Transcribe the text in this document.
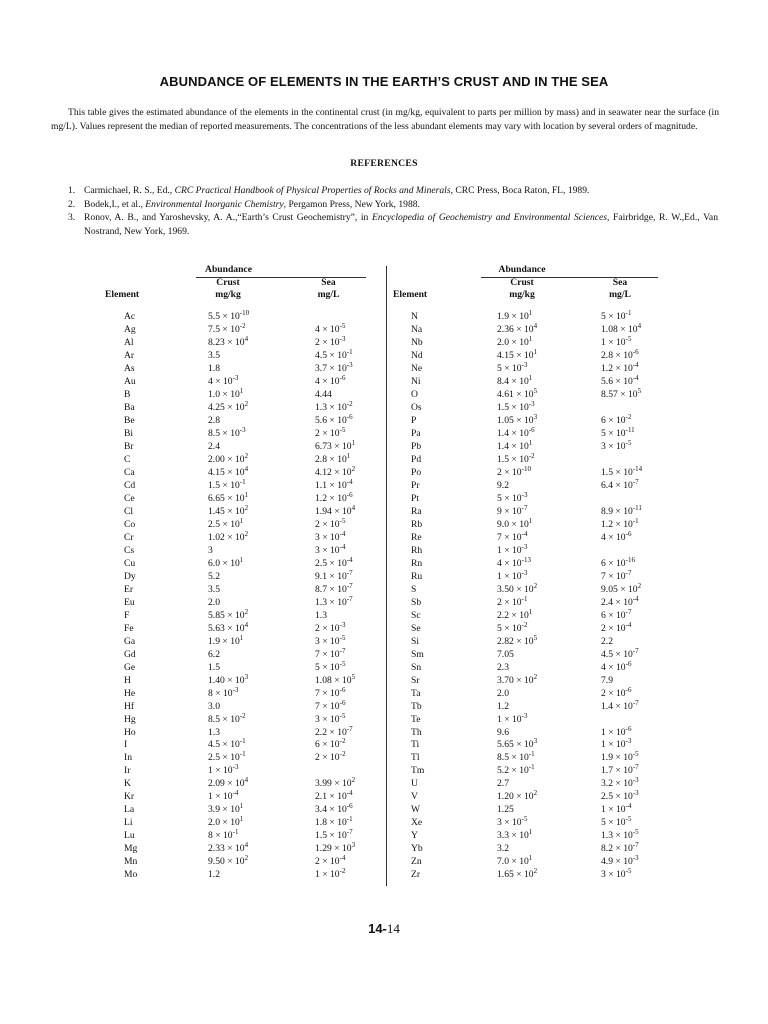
ABUNDANCE OF ELEMENTS IN THE EARTH’S CRUST AND IN THE SEA
This table gives the estimated abundance of the elements in the continental crust (in mg/kg, equivalent to parts per million by mass) and in seawater near the surface (in mg/L). Values represent the median of reported measurements. The concentrations of the less abundant elements may vary with location by several orders of magnitude.
REFERENCES
1. Carmichael, R. S., Ed., CRC Practical Handbook of Physical Properties of Rocks and Minerals, CRC Press, Boca Raton, FL, 1989.
2. Bodek,I., et al., Environmental Inorganic Chemistry, Pergamon Press, New York, 1988.
3. Ronov, A. B., and Yaroshevsky, A. A.,“Earth’s Crust Geochemistry”, in Encyclopedia of Geochemistry and Environmental Sciences, Fairbridge, R. W.,Ed., Van Nostrand, New York, 1969.
Abundance
Crust
mg/kg
Sea
mg/L
Element
Ac	$5.5 \times 10^{-10}$
Ag	$7.5 \times 10^{-2}$	$4 \times 10^{-5}$
Al	$8.23 \times 10^4$	$2 \times 10^{-3}$
Ar	3.5	$4.5 \times 10^{-1}$
As	1.8	$3.7 \times 10^{-3}$
Au	$4 \times 10^{-3}$	$4 \times 10^{-6}$
B	$1.0 \times 10^1$	4.44
Ba	$4.25 \times 10^2$	$1.3 \times 10^{-2}$
Be	2.8	$5.6 \times 10^{-6}$
Bi	$8.5 \times 10^{-3}$	$2 \times 10^{-5}$
Br	2.4	$6.73 \times 10^1$
C	$2.00 \times 10^2$	$2.8 \times 10^1$
Ca	$4.15 \times 10^4$	$4.12 \times 10^2$
Cd	$1.5 \times 10^{-1}$	$1.1 \times 10^{-4}$
Ce	$6.65 \times 10^1$	$1.2 \times 10^{-6}$
Cl	$1.45 \times 10^2$	$1.94 \times 10^4$
Co	$2.5 \times 10^1$	$2 \times 10^{-5}$
Cr	$1.02 \times 10^2$	$3 \times 10^{-4}$
Cs	3	$3 \times 10^{-4}$
Cu	$6.0 \times 10^1$	$2.5 \times 10^{-4}$
Dy	5.2	$9.1 \times 10^{-7}$
Er	3.5	$8.7 \times 10^{-7}$
Eu	2.0	$1.3 \times 10^{-7}$
F	$5.85 \times 10^2$	1.3
Fe	$5.63 \times 10^4$	$2 \times 10^{-3}$
Ga	$1.9 \times 10^1$	$3 \times 10^{-5}$
Gd	6.2	$7 \times 10^{-7}$
Ge	1.5	$5 \times 10^{-5}$
H	$1.40 \times 10^3$	$1.08 \times 10^5$
He	$8 \times 10^{-3}$	$7 \times 10^{-6}$
Hf	3.0	$7 \times 10^{-6}$
Hg	$8.5 \times 10^{-2}$	$3 \times 10^{-5}$
Ho	1.3	$2.2 \times 10^{-7}$
I	$4.5 \times 10^{-1}$	$6 \times 10^{-2}$
In	$2.5 \times 10^{-1}$	$2 \times 10^{-2}$
Ir	$1 \times 10^{-3}$
K	$2.09 \times 10^4$	$3.99 \times 10^2$
Kr	$1 \times 10^{-4}$	$2.1 \times 10^{-4}$
La	$3.9 \times 10^1$	$3.4 \times 10^{-6}$
Li	$2.0 \times 10^1$	$1.8 \times 10^{-1}$
Lu	$8 \times 10^{-1}$	$1.5 \times 10^{-7}$
Mg	$2.33 \times 10^4$	$1.29 \times 10^3$
Mn	$9.50 \times 10^2$	$2 \times 10^{-4}$
Mo	1.2	$1 \times 10^{-2}$
Abundance
Crust
mg/kg
Sea
mg/L
Element
N	$1.9 \times 10^1$	$5 \times 10^{-1}$
Na	$2.36 \times 10^4$	$1.08 \times 10^4$
Nb	$2.0 \times 10^1$	$1 \times 10^{-5}$
Nd	$4.15 \times 10^1$	$2.8 \times 10^{-6}$
Ne	$5 \times 10^{-3}$	$1.2 \times 10^{-4}$
Ni	$8.4 \times 10^1$	$5.6 \times 10^{-4}$
O	$4.61 \times 10^5$	$8.57 \times 10^5$
Os	$1.5 \times 10^{-3}$
P	$1.05 \times 10^3$	$6 \times 10^{-2}$
Pa	$1.4 \times 10^{-6}$	$5 \times 10^{-11}$
Pb	$1.4 \times 10^1$	$3 \times 10^{-5}$
Pd	$1.5 \times 10^{-2}$
Po	$2 \times 10^{-10}$	$1.5 \times 10^{-14}$
Pr	9.2	$6.4 \times 10^{-7}$
Pt	$5 \times 10^{-3}$
Ra	$9 \times 10^{-7}$	$8.9 \times 10^{-11}$
Rb	$9.0 \times 10^1$	$1.2 \times 10^{-1}$
Re	$7 \times 10^{-4}$	$4 \times 10^{-6}$
Rh	$1 \times 10^{-3}$
Rn	$4 \times 10^{-13}$	$6 \times 10^{-16}$
Ru	$1 \times 10^{-3}$	$7 \times 10^{-7}$
S	$3.50 \times 10^2$	$9.05 \times 10^2$
Sb	$2 \times 10^{-1}$	$2.4 \times 10^{-4}$
Sc	$2.2 \times 10^1$	$6 \times 10^{-7}$
Se	$5 \times 10^{-2}$	$2 \times 10^{-4}$
Si	$2.82 \times 10^5$	2.2
Sm	7.05	$4.5 \times 10^{-7}$
Sn	2.3	$4 \times 10^{-6}$
Sr	$3.70 \times 10^2$	7.9
Ta	2.0	$2 \times 10^{-6}$
Tb	1.2	$1.4 \times 10^{-7}$
Te	$1 \times 10^{-3}$
Th	9.6	$1 \times 10^{-6}$
Ti	$5.65 \times 10^3$	$1 \times 10^{-3}$
Tl	$8.5 \times 10^{-1}$	$1.9 \times 10^{-5}$
Tm	$5.2 \times 10^{-1}$	$1.7 \times 10^{-7}$
U	2.7	$3.2 \times 10^{-3}$
V	$1.20 \times 10^2$	$2.5 \times 10^{-3}$
W	1.25	$1 \times 10^{-4}$
Xe	$3 \times 10^{-5}$	$5 \times 10^{-5}$
Y	$3.3 \times 10^1$	$1.3 \times 10^{-5}$
Yb	3.2	$8.2 \times 10^{-7}$
Zn	$7.0 \times 10^1$	$4.9 \times 10^{-3}$
Zr	$1.65 \times 10^2$	$3 \times 10^{-5}$
14-14
